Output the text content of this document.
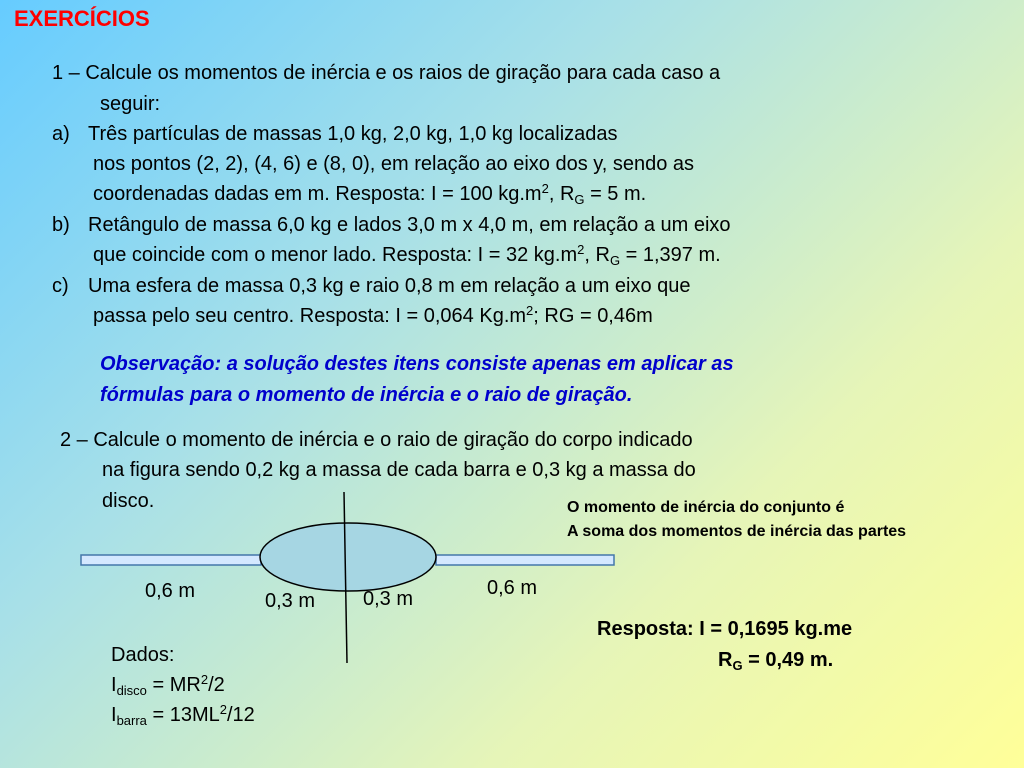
EXERCÍCIOS
1 – Calcule os momentos de inércia e os raios de giração para cada caso a
seguir:
a) Três partículas de massas 1,0 kg, 2,0 kg, 1,0 kg localizadas
nos pontos (2, 2), (4, 6) e (8, 0), em relação ao eixo dos y, sendo as
coordenadas dadas em m. Resposta: I = 100 $kg.m^2$, $R_G = 5$ m.
b) Retângulo de massa 6,0 kg e lados 3,0 m x 4,0 m, em relação a um eixo
que coincide com o menor lado. Resposta: I = 32 $kg.m^2$, $R_G = 1,397$ m.
c) Uma esfera de massa 0,3 kg e raio 0,8 m em relação a um eixo que
passa pelo seu centro. Resposta: I = 0,064 $Kg.m^2$; RG = 0,46m
Observação: a solução destes itens consiste apenas em aplicar as
fórmulas para o momento de inércia e o raio de giração.
2 – Calcule o momento de inércia e o raio de giração do corpo indicado
na figura sendo 0,2 kg a massa de cada barra e 0,3 kg a massa do
disco.	O momento de inércia do conjunto é
A soma dos momentos de inércia das partes
0,6 m	0,3 m 0,3 m	0,6 m
Resposta: I = 0,1695 kg.me
$R_G = 0,49$ m.
Dados:
$I_{disco} = MR^2/2$
$I_{barra} = 13ML^2/12$
